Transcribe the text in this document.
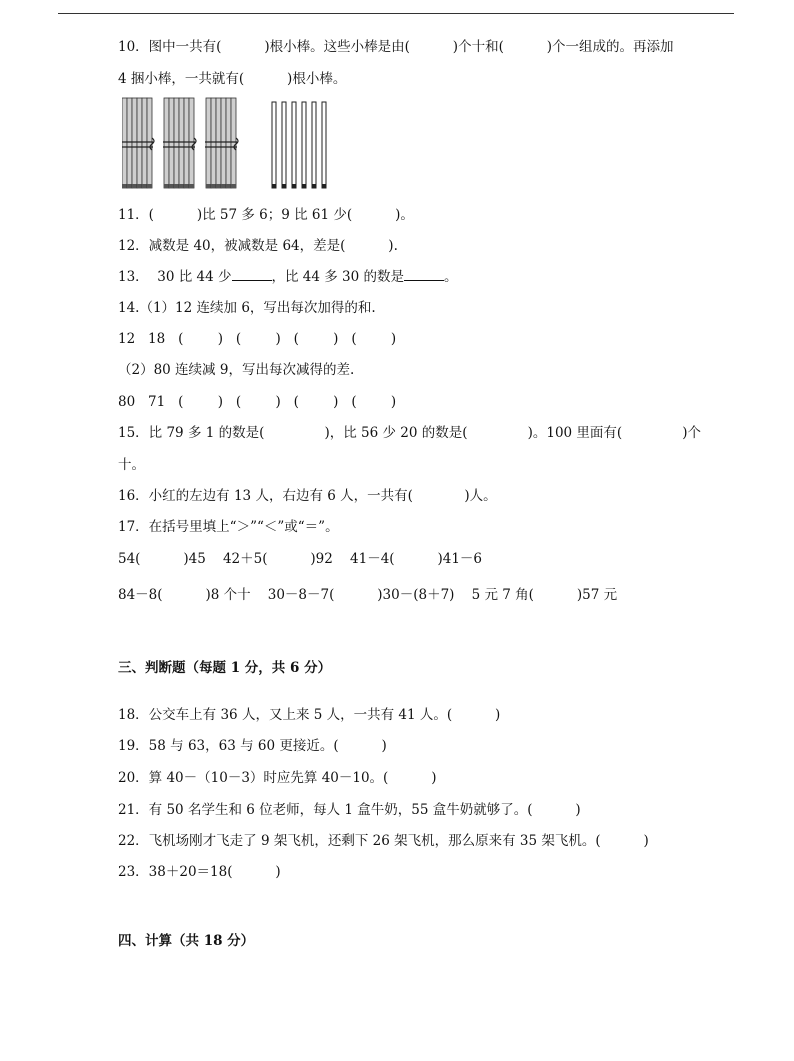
10．图中一共有(          )根小棒。这些小棒是由(          )个十和(          )个一组成的。再添加
4 捆小棒，一共就有(          )根小棒。
11．(          )比 57 多 6；9 比 61 少(          )。
12．减数是 40，被减数是 64，差是(          ).
13．  30 比 44 少	，比 44 多 30 的数是	。
14.（1）12 连续加 6，写出每次加得的和.
12   18   (        )   (        )   (        )   (        )
（2）80 连续减 9，写出每次减得的差.
80   71   (        )   (        )   (        )   (        )
15．比 79 多 1 的数是(              )，比 56 少 20 的数是(              )。100 里面有(              )个
十。
16．小红的左边有 13 人，右边有 6 人，一共有(            )人。
17．在括号里填上“＞”“＜”或“＝”。
54(          )45    42＋5(          )92    41－4(          )41－6
84－8(          )8 个十    30－8－7(          )30－(8＋7)    5 元 7 角(          )57 元
三、判断题（每题 1 分，共 6 分）
18．公交车上有 36 人，又上来 5 人，一共有 41 人。(          )
19．58 与 63，63 与 60 更接近。(          )
20．算 40－（10－3）时应先算 40－10。(          )
21．有 50 名学生和 6 位老师，每人 1 盒牛奶，55 盒牛奶就够了。(          )
22．飞机场刚才飞走了 9 架飞机，还剩下 26 架飞机，那么原来有 35 架飞机。(          )
23．38＋20＝18(          )
四、计算（共 18 分）
